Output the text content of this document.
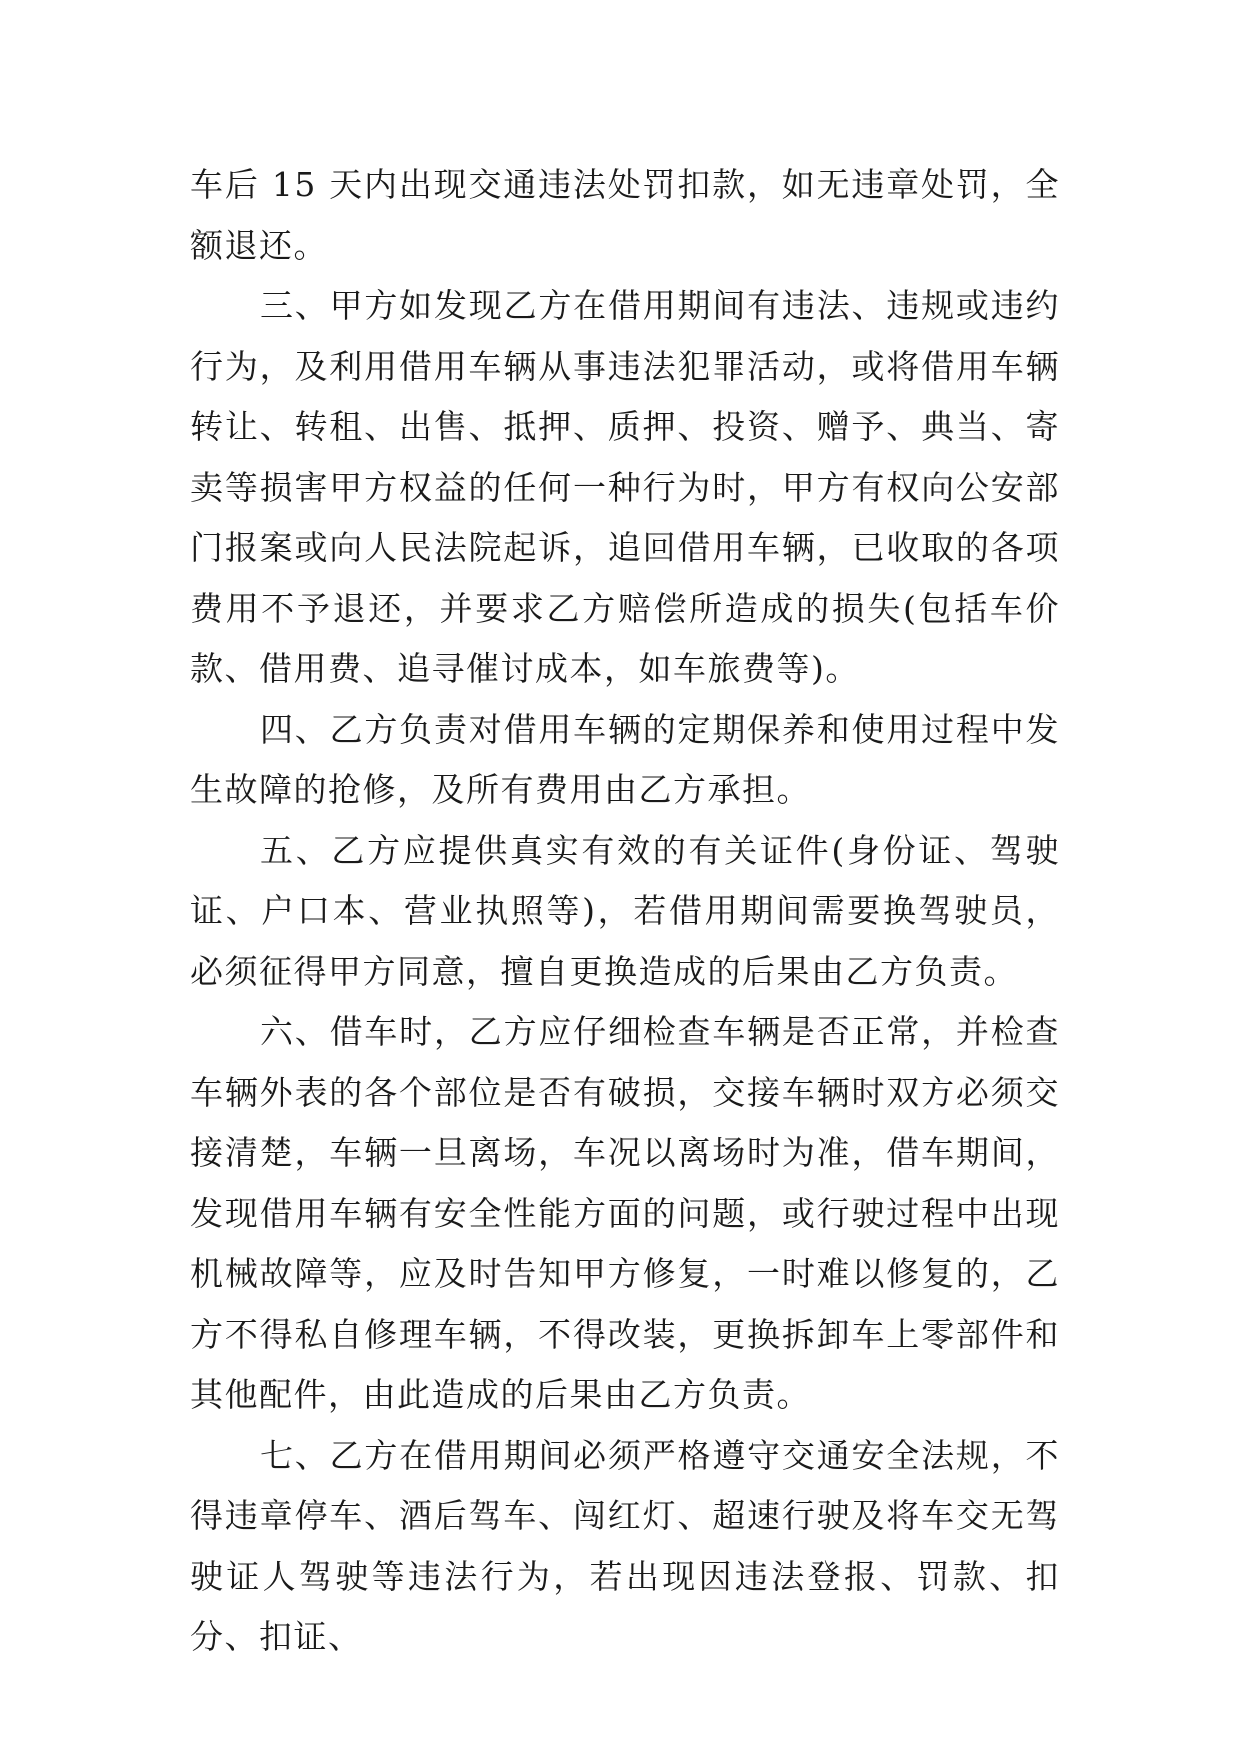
车后 15 天内出现交通违法处罚扣款，如无违章处罚，全额退还。

三、甲方如发现乙方在借用期间有违法、违规或违约行为，及利用借用车辆从事违法犯罪活动，或将借用车辆转让、转租、出售、抵押、质押、投资、赠予、典当、寄卖等损害甲方权益的任何一种行为时，甲方有权向公安部门报案或向人民法院起诉，追回借用车辆，已收取的各项费用不予退还，并要求乙方赔偿所造成的损失(包括车价款、借用费、追寻催讨成本，如车旅费等)。

四、乙方负责对借用车辆的定期保养和使用过程中发生故障的抢修，及所有费用由乙方承担。

五、乙方应提供真实有效的有关证件(身份证、驾驶证、户口本、营业执照等)，若借用期间需要换驾驶员，必须征得甲方同意，擅自更换造成的后果由乙方负责。

六、借车时，乙方应仔细检查车辆是否正常，并检查车辆外表的各个部位是否有破损，交接车辆时双方必须交接清楚，车辆一旦离场，车况以离场时为准，借车期间，发现借用车辆有安全性能方面的问题，或行驶过程中出现机械故障等，应及时告知甲方修复，一时难以修复的，乙方不得私自修理车辆，不得改装，更换拆卸车上零部件和其他配件，由此造成的后果由乙方负责。

七、乙方在借用期间必须严格遵守交通安全法规，不得违章停车、酒后驾车、闯红灯、超速行驶及将车交无驾驶证人驾驶等违法行为，若出现因违法登报、罚款、扣分、扣证、
